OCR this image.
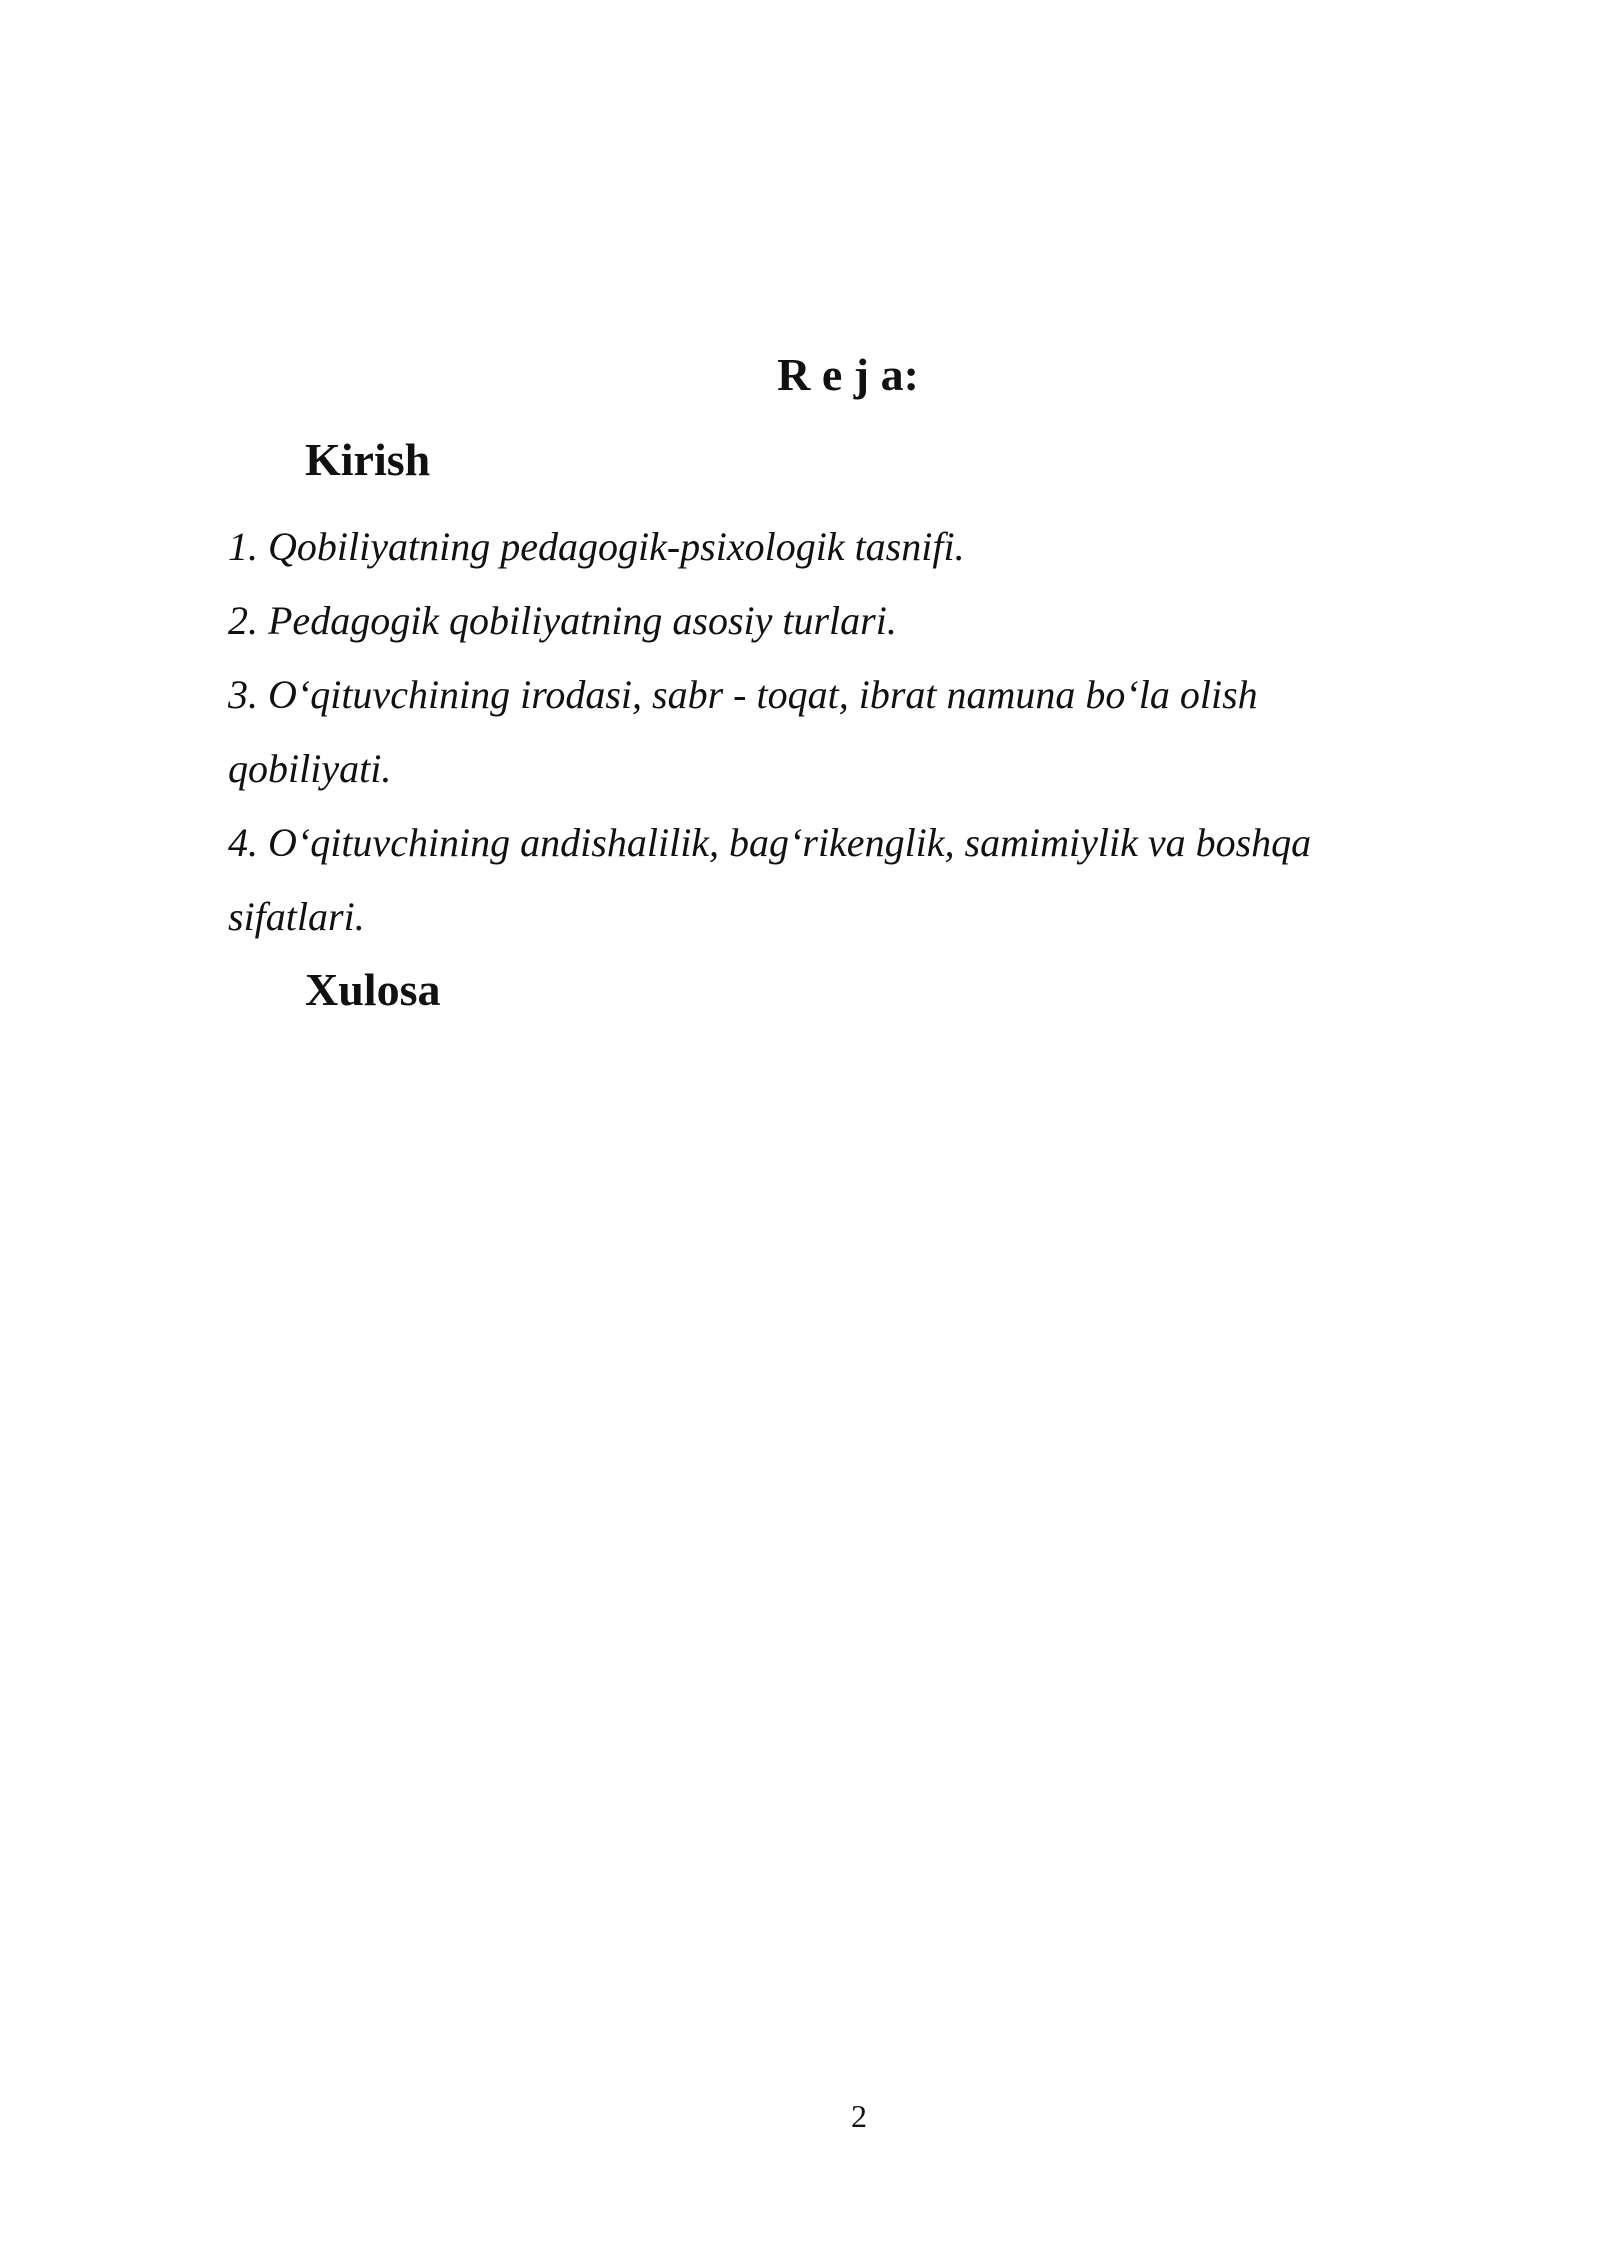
R e j a:
Kirish
1. Qobiliyatning pedagogik-psixologik tasnifi.
2. Pedagogik qobiliyatning asosiy turlari.
3. O‘qituvchining irodasi, sabr - toqat, ibrat namuna bo‘la olish qobiliyati.
4. O‘qituvchining andishalilik, bag‘rikenglik, samimiylik va boshqa sifatlari.
Xulosa
2
